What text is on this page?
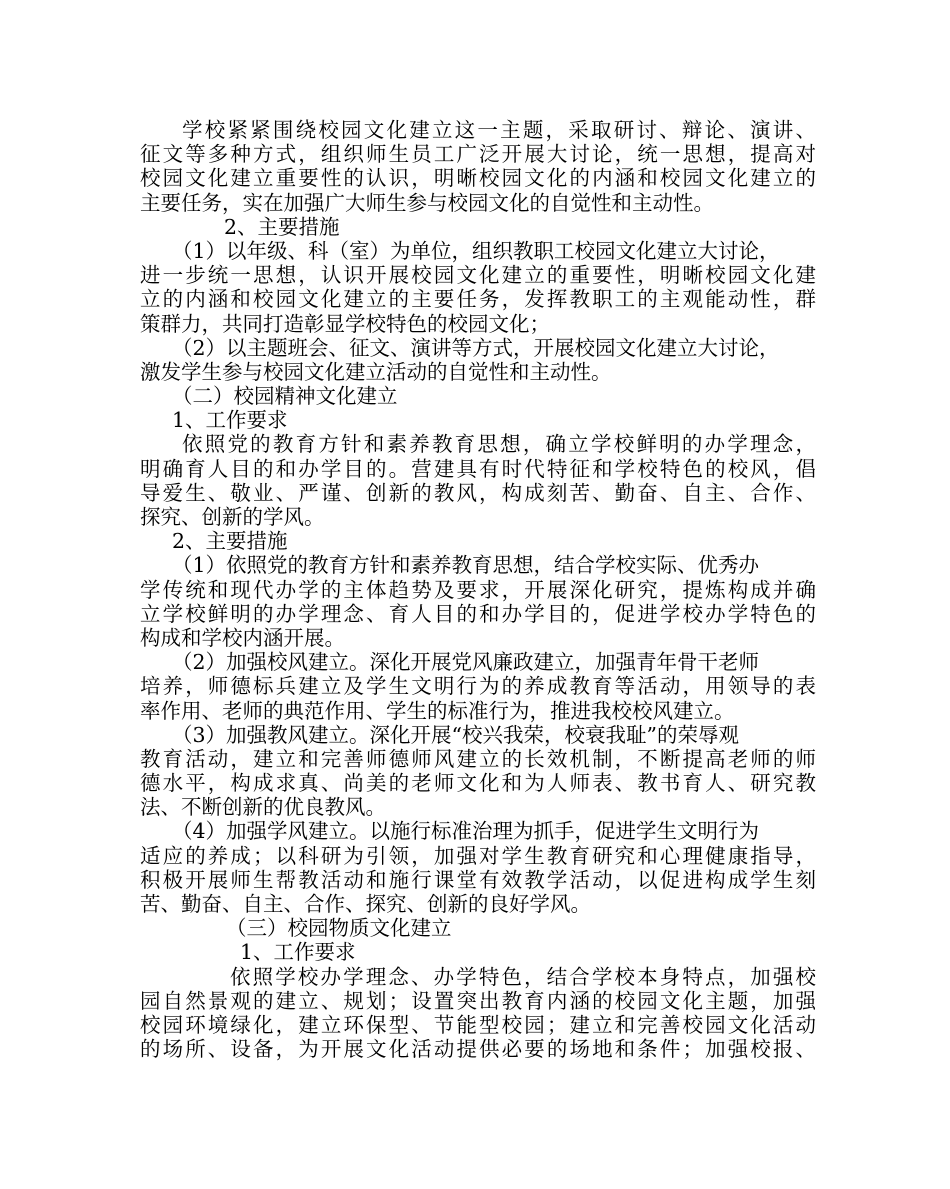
学校紧紧围绕校园文化建立这一主题，采取研讨、辩论、演讲、
征文等多种方式，组织师生员工广泛开展大讨论，统一思想，提高对
校园文化建立重要性的认识，明晰校园文化的内涵和校园文化建立的
主要任务，实在加强广大师生参与校园文化的自觉性和主动性。
2、主要措施
（1）以年级、科（室）为单位，组织教职工校园文化建立大讨论，
进一步统一思想，认识开展校园文化建立的重要性，明晰校园文化建
立的内涵和校园文化建立的主要任务，发挥教职工的主观能动性，群
策群力，共同打造彰显学校特色的校园文化；
（2）以主题班会、征文、演讲等方式，开展校园文化建立大讨论，
激发学生参与校园文化建立活动的自觉性和主动性。
（二）校园精神文化建立
1、工作要求
依照党的教育方针和素养教育思想，确立学校鲜明的办学理念，
明确育人目的和办学目的。营建具有时代特征和学校特色的校风，倡
导爱生、敬业、严谨、创新的教风，构成刻苦、勤奋、自主、合作、
探究、创新的学风。
2、主要措施
（1）依照党的教育方针和素养教育思想，结合学校实际、优秀办
学传统和现代办学的主体趋势及要求，开展深化研究，提炼构成并确
立学校鲜明的办学理念、育人目的和办学目的，促进学校办学特色的
构成和学校内涵开展。
（2）加强校风建立。深化开展党风廉政建立，加强青年骨干老师
培养，师德标兵建立及学生文明行为的养成教育等活动，用领导的表
率作用、老师的典范作用、学生的标准行为，推进我校校风建立。
（3）加强教风建立。深化开展“校兴我荣，校衰我耻”的荣辱观
教育活动，建立和完善师德师风建立的长效机制，不断提高老师的师
德水平，构成求真、尚美的老师文化和为人师表、教书育人、研究教
法、不断创新的优良教风。
（4）加强学风建立。以施行标准治理为抓手，促进学生文明行为
适应的养成；以科研为引领，加强对学生教育研究和心理健康指导，
积极开展师生帮教活动和施行课堂有效教学活动，以促进构成学生刻
苦、勤奋、自主、合作、探究、创新的良好学风。
（三）校园物质文化建立
1、工作要求
依照学校办学理念、办学特色，结合学校本身特点，加强校
园自然景观的建立、规划；设置突出教育内涵的校园文化主题，加强
校园环境绿化，建立环保型、节能型校园；建立和完善校园文化活动
的场所、设备，为开展文化活动提供必要的场地和条件；加强校报、
